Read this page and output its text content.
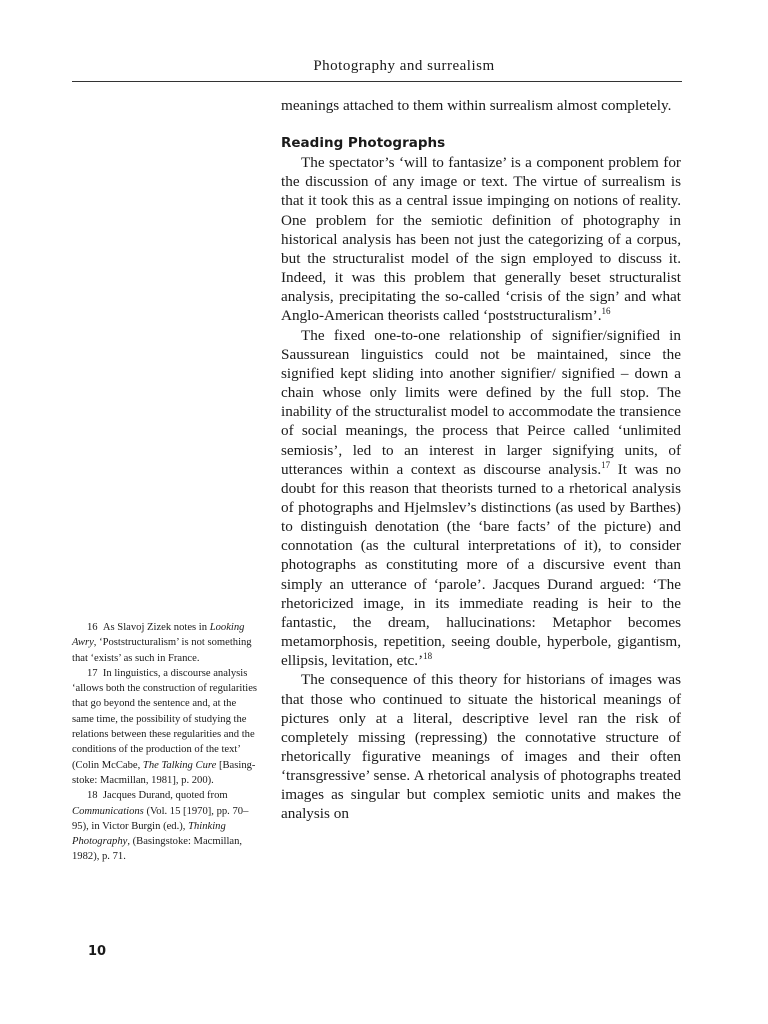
Photography and surrealism

meanings attached to them within surrealism almost completely.

Reading Photographs

The spectator’s ‘will to fantasize’ is a component problem for the discussion of any image or text. The virtue of surrealism is that it took this as a central issue impinging on notions of reality. One problem for the semiotic definition of photography in historical analysis has been not just the categorizing of a corpus, but the structuralist model of the sign employed to discuss it. Indeed, it was this problem that generally beset structuralist analysis, precipitating the so-called ‘crisis of the sign’ and what Anglo-American theorists called ‘poststructuralism’.$^{16}$

The fixed one-to-one relationship of signifier/signified in Saussurean linguistics could not be maintained, since the signified kept sliding into another signifier/ signified – down a chain whose only limits were defined by the full stop. The inability of the structuralist model to accommodate the transience of social meanings, the process that Peirce called ‘unlimited semiosis’, led to an interest in larger signifying units, of utterances within a context as discourse analysis.$^{17}$ It was no doubt for this reason that theorists turned to a rhetorical analysis of photographs and Hjelmslev’s distinctions (as used by Barthes) to distinguish denotation (the ‘bare facts’ of the picture) and connotation (as the cultural interpretations of it), to consider photographs as constituting more of a discursive event than simply an utterance of ‘parole’. Jacques Durand argued: ‘The rhetoricized image, in its immediate reading is heir to the fantastic, the dream, hallucinations: Metaphor becomes metamorphosis, repetition, seeing double, hyperbole, gigantism, ellipsis, levitation, etc.’$^{18}$

The consequence of this theory for historians of images was that those who continued to situate the historical meanings of pictures only at a literal, descriptive level ran the risk of completely missing (repressing) the connotative structure of rhetorically figurative meanings of images and their often ‘transgressive’ sense. A rhetorical analysis of photographs treated images as singular but complex semiotic units and makes the analysis on

16 As Slavoj Zizek notes in Looking Awry, ‘Poststructuralism’ is not something that ‘exists’ as such in France.

17 In linguistics, a discourse analysis ‘allows both the construction of regularities that go beyond the sentence and, at the same time, the possibility of studying the relations between these regularities and the conditions of the production of the text’ (Colin McCabe, The Talking Cure [Basingstoke: Macmillan, 1981], p. 200).

18 Jacques Durand, quoted from Communications (Vol. 15 [1970], pp. 70–95), in Victor Burgin (ed.), Thinking Photography, (Basingstoke: Macmillan, 1982), p. 71.

10
